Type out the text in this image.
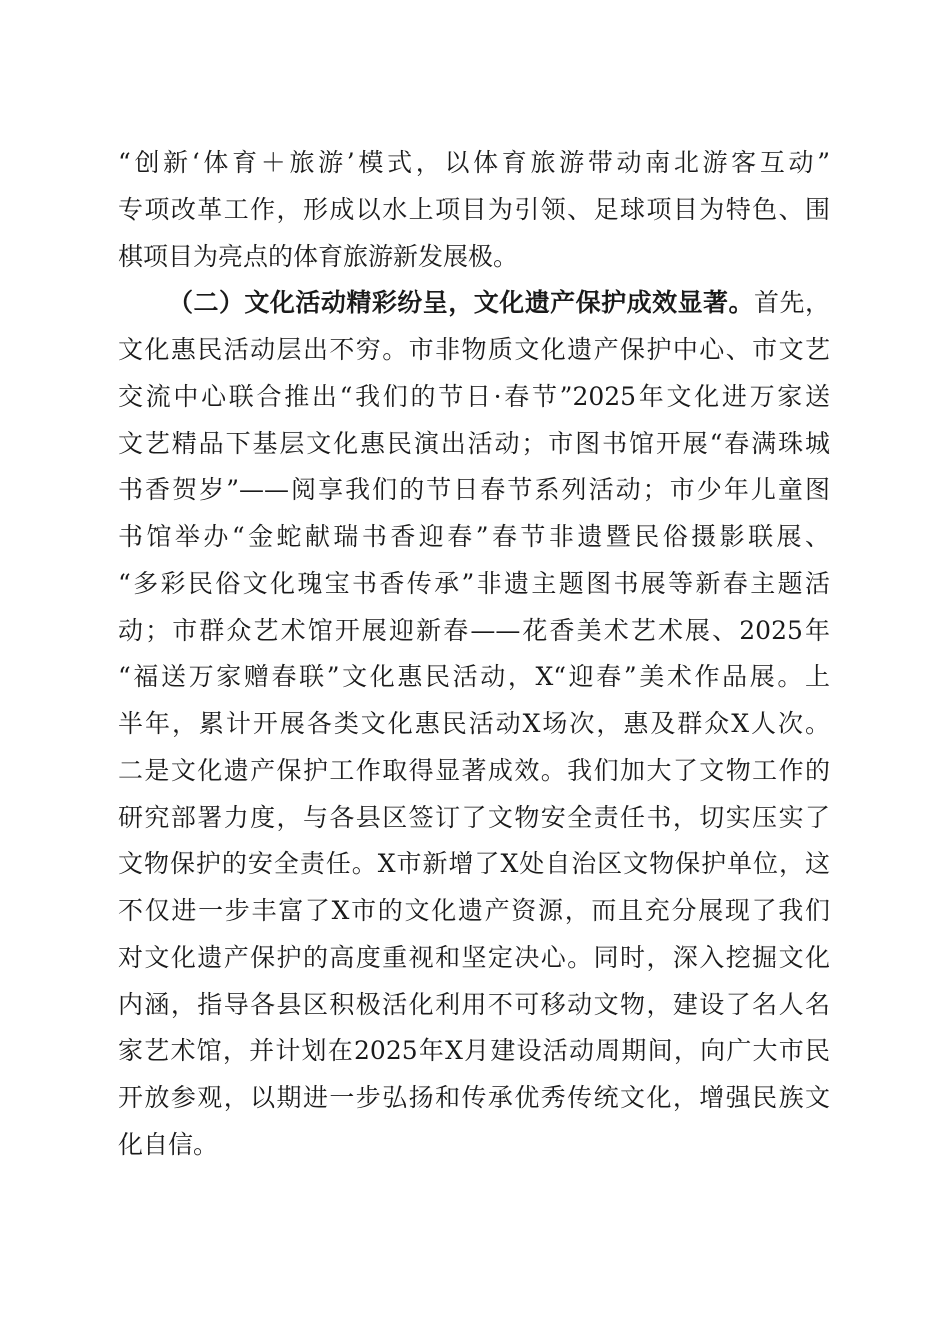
“创新‘体育＋旅游’模式，以体育旅游带动南北游客互动”
专项改革工作，形成以水上项目为引领、足球项目为特色、围
棋项目为亮点的体育旅游新发展极。

（二）文化活动精彩纷呈，文化遗产保护成效显著。首先，
文化惠民活动层出不穷。市非物质文化遗产保护中心、市文艺
交流中心联合推出“我们的节日·春节”2025年文化进万家送
文艺精品下基层文化惠民演出活动；市图书馆开展“春满珠城
书香贺岁”——阅享我们的节日春节系列活动；市少年儿童图
书馆举办“金蛇献瑞书香迎春”春节非遗暨民俗摄影联展、
“多彩民俗文化瑰宝书香传承”非遗主题图书展等新春主题活
动；市群众艺术馆开展迎新春——花香美术艺术展、2025年
“福送万家赠春联”文化惠民活动，X“迎春”美术作品展。上
半年，累计开展各类文化惠民活动X场次，惠及群众X人次。
二是文化遗产保护工作取得显著成效。我们加大了文物工作的
研究部署力度，与各县区签订了文物安全责任书，切实压实了
文物保护的安全责任。X市新增了X处自治区文物保护单位，这
不仅进一步丰富了X市的文化遗产资源，而且充分展现了我们
对文化遗产保护的高度重视和坚定决心。同时，深入挖掘文化
内涵，指导各县区积极活化利用不可移动文物，建设了名人名
家艺术馆，并计划在2025年X月建设活动周期间，向广大市民
开放参观，以期进一步弘扬和传承优秀传统文化，增强民族文
化自信。
